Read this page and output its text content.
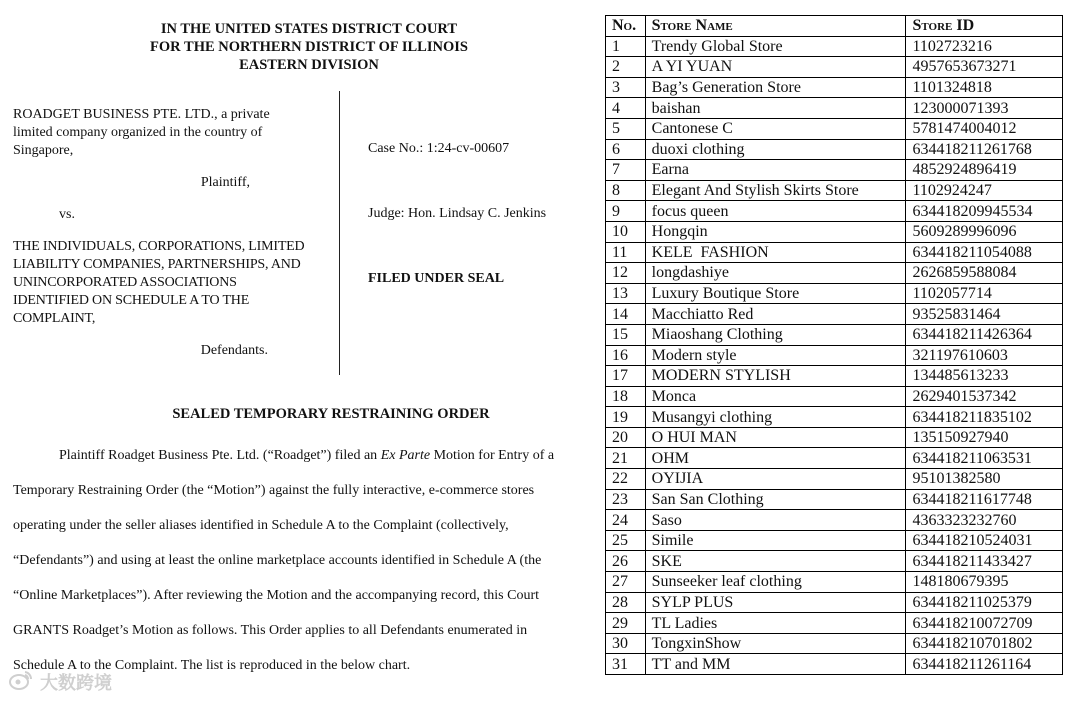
IN THE UNITED STATES DISTRICT COURT
FOR THE NORTHERN DISTRICT OF ILLINOIS
EASTERN DIVISION

ROADGET BUSINESS PTE. LTD., a private

limited company organized in the country of

Singapore,

Plaintiff,

vs.

THE INDIVIDUALS, CORPORATIONS, LIMITED

LIABILITY COMPANIES, PARTNERSHIPS, AND

UNINCORPORATED ASSOCIATIONS

IDENTIFIED ON SCHEDULE A TO THE

COMPLAINT,

Defendants.

Case No.: 1:24-cv-00607
Judge: Hon. Lindsay C. Jenkins
FILED UNDER SEAL
SEALED TEMPORARY RESTRAINING ORDER
Plaintiff Roadget Business Pte. Ltd. (“Roadget”) filed an Ex Parte Motion for Entry of a
Temporary Restraining Order (the “Motion”) against the fully interactive, e-commerce stores
operating under the seller aliases identified in Schedule A to the Complaint (collectively,
“Defendants”) and using at least the online marketplace accounts identified in Schedule A (the
“Online Marketplaces”). After reviewing the Motion and the accompanying record, this Court
GRANTS Roadget’s Motion as follows. This Order applies to all Defendants enumerated in
Schedule A to the Complaint. The list is reproduced in the below chart.
大数跨境
No.	Store Name	Store ID
1	Trendy Global Store	1102723216
2	A YI YUAN	4957653673271
3	Bag’s Generation Store	1101324818
4	baishan	123000071393
5	Cantonese C	5781474004012
6	duoxi clothing	634418211261768
7	Earna	4852924896419
8	Elegant And Stylish Skirts Store	1102924247
9	focus queen	634418209945534
10	Hongqin	5609289996096
11	KELE  FASHION	634418211054088
12	longdashiye	2626859588084
13	Luxury Boutique Store	1102057714
14	Macchiatto Red	93525831464
15	Miaoshang Clothing	634418211426364
16	Modern style	321197610603
17	MODERN STYLISH	134485613233
18	Monca	2629401537342
19	Musangyi clothing	634418211835102
20	O HUI MAN	135150927940
21	OHM	634418211063531
22	OYIJIA	95101382580
23	San San Clothing	634418211617748
24	Saso	4363323232760
25	Simile	634418210524031
26	SKE	634418211433427
27	Sunseeker leaf clothing	148180679395
28	SYLP PLUS	634418211025379
29	TL Ladies	634418210072709
30	TongxinShow	634418210701802
31	TT and MM	634418211261164
